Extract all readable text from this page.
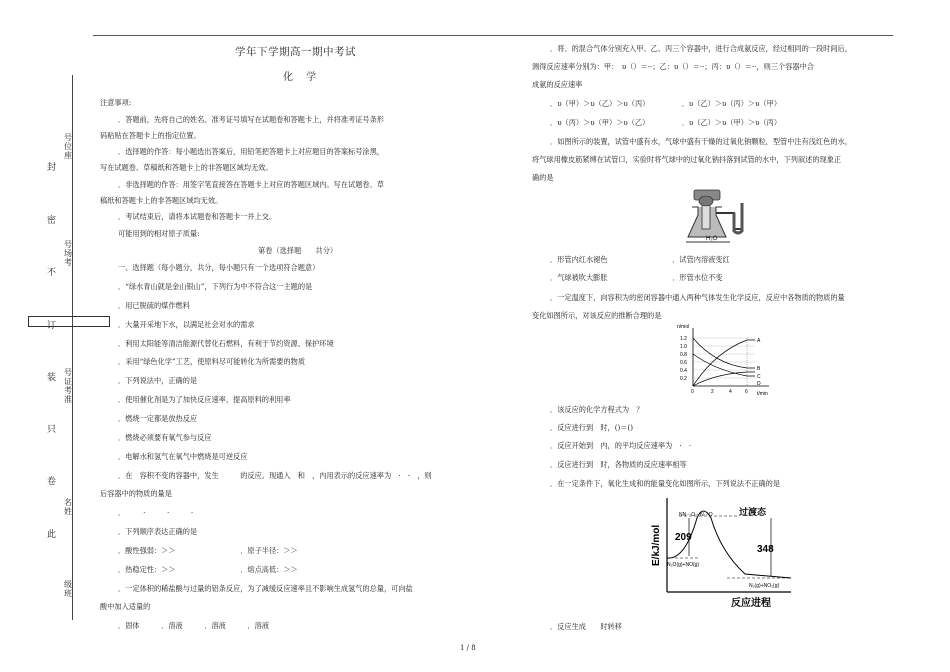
封
密
不
订
装
只
卷
此
号位座
号场考
号证考准
名姓
级班
学年下学期高一期中考试
化 学
注意事项:
．答题前，先将自己的姓名、准考证号填写在试题卷和答题卡上，并将准考证号条形
码粘贴在答题卡上的指定位置。
．选择题的作答：每小题选出答案后，用铅笔把答题卡上对应题目的答案标号涂黑，
写在试题卷、草稿纸和答题卡上的非答题区域均无效。
．非选择题的作答：用签字笔直接答在答题卡上对应的答题区域内。写在试题卷、草
稿纸和答题卡上的非答题区域均无效。
．考试结束后，请将本试题卷和答题卡一并上交。
可能用到的相对原子质量:
第卷（选择题　　共分）
一、选择题（每小题分，共分，每小题只有一个选项符合题意）
．“绿水青山就是金山银山”，下列行为中不符合这一主题的是
．用已脱硫的煤作燃料
．大量开采地下水，以满足社会对水的需求
．利用太阳能等清洁能源代替化石燃料，有利于节约资源、保护环境
．采用“绿色化学”工艺，使原料尽可能转化为所需要的物质
．下列说法中，正确的是
．使用催化剂是为了加快反应速率，提高原料的利用率
．燃烧一定都是放热反应
．燃烧必须要有氧气参与反应
．电解水和氢气在氧气中燃烧是可逆反应
．在　容积不变的容器中，发生　　　的反应。现通入　和　，内用表示的反应速率为　·　·　，则
后容器中的物质的量是
．　　　·　　　·　　　·
．下列顺序表达正确的是
．酸性强弱：＞＞　　　　　　　　　．原子半径：＞＞
．热稳定性：＞＞　　　　　　　　　．熔点高低：＞＞
．一定体积的稀盐酸与过量的铝条反应，为了减缓反应速率且不影响生成氢气的总量，可向盐
酸中加入适量的
．固体　　　．溶液　　　．溶液　　　．溶液
．将、的混合气体分别充入甲、乙、丙三个容器中，进行合成氨反应，经过相同的一段时间后，
测得反应速率分别为：甲：　υ（）＝··；乙：υ（）＝··；丙：υ（）＝··，则三个容器中合
成氨的反应速率
．υ（甲）＞υ（乙）＞υ（丙）　　　　　．υ（乙）＞υ（丙）＞υ（甲）
．υ（丙）＞υ（甲）＞υ（乙）　　　　　．υ（乙）＞υ（甲）＞υ（丙）
．如图所示的装置，试管中盛有水，气球中盛有干燥的过氧化钠颗粒，型管中注有浅红色的水，
将气球用橡皮筋紧缚在试管口，实验时将气球中的过氧化钠抖落到试管的水中，下列叙述的现象正
确的是
H₂O
．形管内红水褪色　　　　　　　　　．试管内溶液变红
．气球被吹大膨胀　　　　　　　　　．形管水位不变
．一定温度下，向容积为的密闭容器中通入两种气体发生化学反应，反应中各物质的物质的量
变化如图所示，对该反应的推断合理的是
n/mol
t/min
1.2
1.0
0.8
0.6
0.4
0.2
0	2	4	6
A
B
C
D
．该反应的化学方程式为　？
．反应进行到　时，()＝()
．反应开始到　内，的平均反应速率为　·　·
．反应进行到　时，各物质的反应速率相等
．在一定条件下，氧化生成和的能量变化如图所示，下列说法不正确的是
E/kJ/mol 209
348
过渡态
NN···O···N···O
N₂O(g)+NO(g)
N₂(g)+NO₂(g)
反应进程
．反应生成　　时转移
1 / 8
